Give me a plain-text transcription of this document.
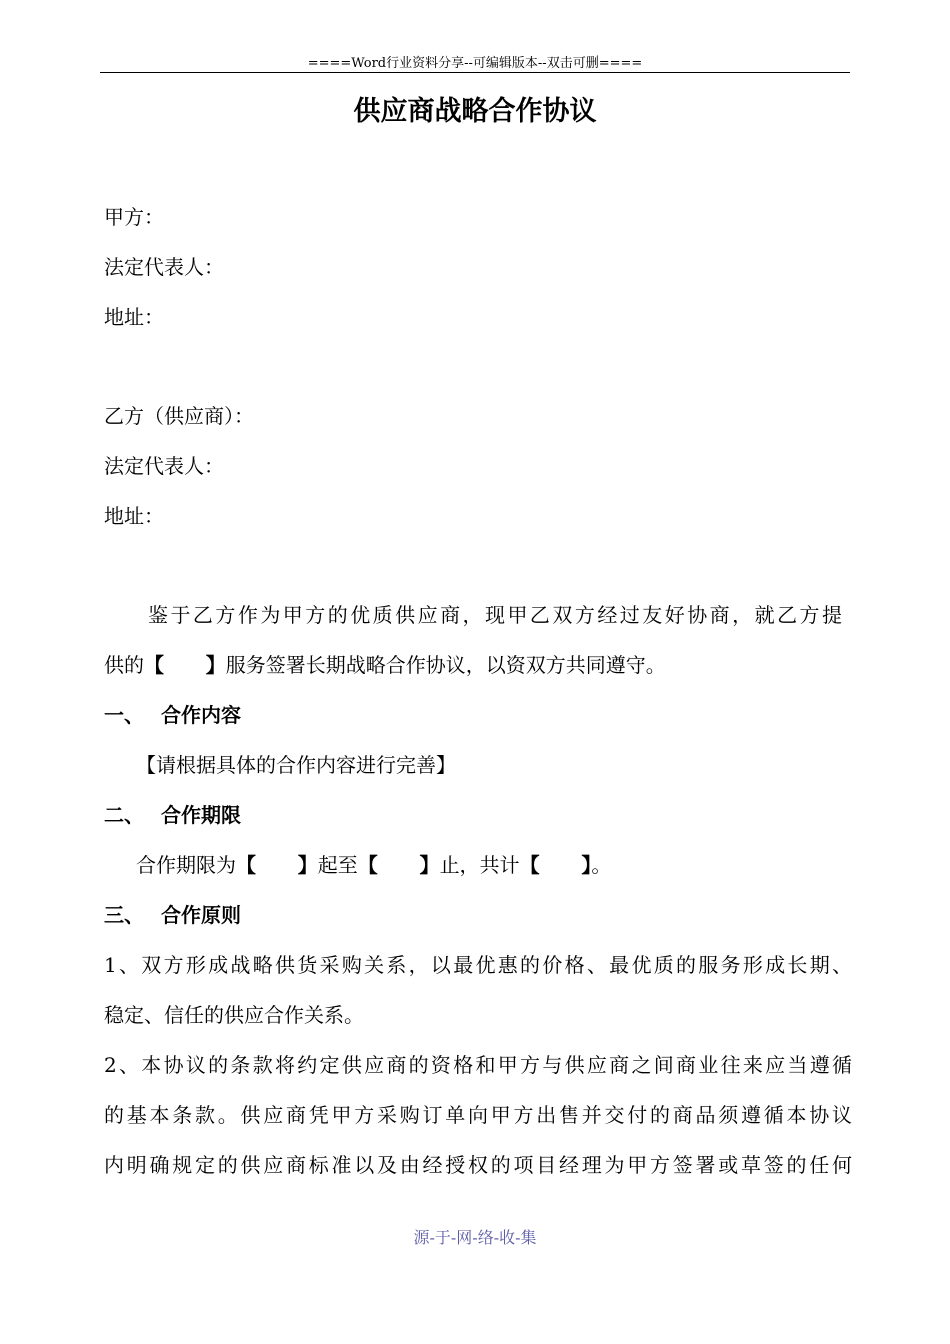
====Word行业资料分享--可编辑版本--双击可删====
供应商战略合作协议
甲方：
法定代表人：
地址：
乙方（供应商）：
法定代表人：
地址：
鉴于乙方作为甲方的优质供应商，现甲乙双方经过友好协商，就乙方提
供的【      】服务签署长期战略合作协议，以资双方共同遵守。
一、 合作内容
【请根据具体的合作内容进行完善】
二、 合作期限
合作期限为【      】起至【      】止，共计【      】。
三、 合作原则
1、双方形成战略供货采购关系，以最优惠的价格、最优质的服务形成长期、
稳定、信任的供应合作关系。
2、本协议的条款将约定供应商的资格和甲方与供应商之间商业往来应当遵循
的基本条款。供应商凭甲方采购订单向甲方出售并交付的商品须遵循本协议
内明确规定的供应商标准以及由经授权的项目经理为甲方签署或草签的任何
源-于-网-络-收-集
